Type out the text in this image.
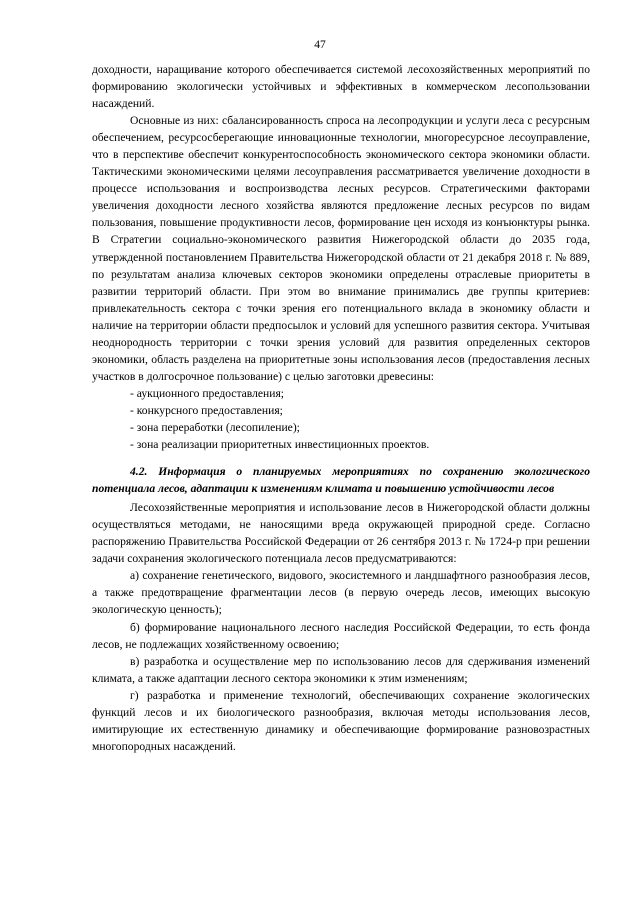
47

доходности, наращивание которого обеспечивается системой лесохозяйственных мероприятий по формированию экологически устойчивых и эффективных в коммерческом лесопользовании насаждений.

Основные из них: сбалансированность спроса на лесопродукции и услуги леса с ресурсным обеспечением, ресурсосберегающие инновационные технологии, многоресурсное лесоуправление, что в перспективе обеспечит конкурентоспособность экономического сектора экономики области. Тактическими экономическими целями лесоуправления рассматривается увеличение доходности в процессе использования и воспроизводства лесных ресурсов. Стратегическими факторами увеличения доходности лесного хозяйства являются предложение лесных ресурсов по видам пользования, повышение продуктивности лесов, формирование цен исходя из конъюнктуры рынка. В Стратегии социально-экономического развития Нижегородской области до 2035 года, утвержденной постановлением Правительства Нижегородской области от 21 декабря 2018 г. № 889, по результатам анализа ключевых секторов экономики определены отраслевые приоритеты в развитии территорий области. При этом во внимание принимались две группы критериев: привлекательность сектора с точки зрения его потенциального вклада в экономику области и наличие на территории области предпосылок и условий для успешного развития сектора. Учитывая неоднородность территории с точки зрения условий для развития определенных секторов экономики, область разделена на приоритетные зоны использования лесов (предоставления лесных участков в долгосрочное пользование) с целью заготовки древесины:

- аукционного предоставления;

- конкурсного предоставления;

- зона переработки (лесопиление);

- зона реализации приоритетных инвестиционных проектов.

4.2. Информация о планируемых мероприятиях по сохранению экологического потенциала лесов, адаптации к изменениям климата и повышению устойчивости лесов

Лесохозяйственные мероприятия и использование лесов в Нижегородской области должны осуществляться методами, не наносящими вреда окружающей природной среде. Согласно распоряжению Правительства Российской Федерации от 26 сентября 2013 г. № 1724-р при решении задачи сохранения экологического потенциала лесов предусматриваются:

а) сохранение генетического, видового, экосистемного и ландшафтного разнообразия лесов, а также предотвращение фрагментации лесов (в первую очередь лесов, имеющих высокую экологическую ценность);

б) формирование национального лесного наследия Российской Федерации, то есть фонда лесов, не подлежащих хозяйственному освоению;

в) разработка и осуществление мер по использованию лесов для сдерживания изменений климата, а также адаптации лесного сектора экономики к этим изменениям;

г) разработка и применение технологий, обеспечивающих сохранение экологических функций лесов и их биологического разнообразия, включая методы использования лесов, имитирующие их естественную динамику и обеспечивающие формирование разновозрастных многопородных насаждений.
